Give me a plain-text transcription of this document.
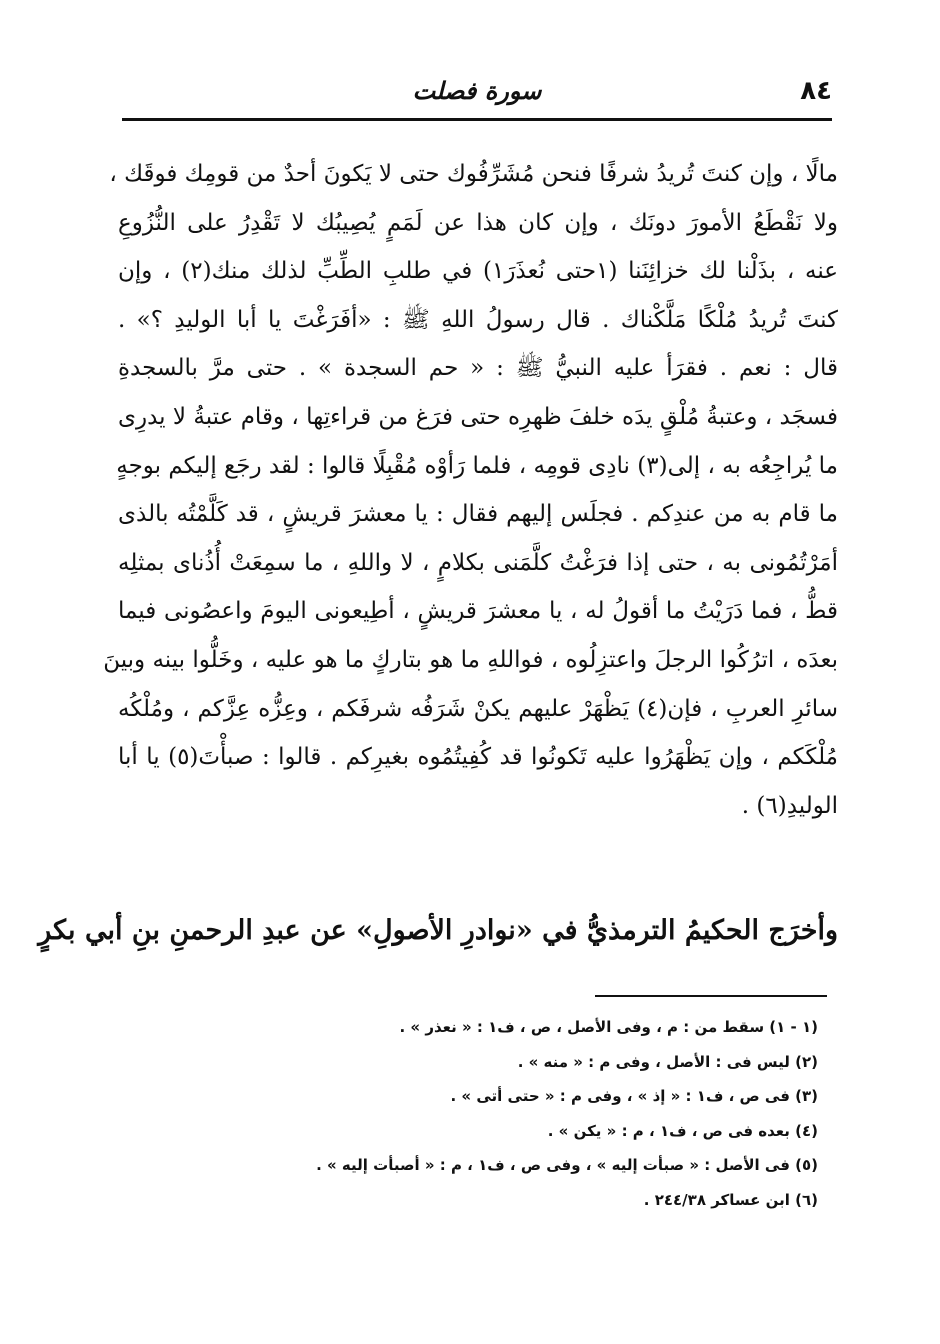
٨٤
سورة فصلت
مالًا ، وإن كنتَ تُريدُ شرفًا فنحن مُشَرِّفُوك حتى لا يَكونَ أحدٌ من قومِك فوقَك ،
ولا نَقْطَعُ الأمورَ دونَك ، وإن كان هذا عن لَمَمٍ يُصِيبُك لا تَقْدِرُ على النُّزُوعِ
عنه ، بذَلْنا لك خزائِنَنا (١حتى نُعذَرَ١) في طلبِ الطِّبِّ لذلك منك(٢) ، وإن
كنتَ تُريدُ مُلْكًا مَلَّكْناك . قال رسولُ اللهِ ﷺ : «أفَرَغْتَ يا أبا الوليدِ ؟» .
قال : نعم . فقرَأ عليه النبيُّ ﷺ : « حم السجدة » . حتى مرَّ بالسجدةِ
فسجَد ، وعتبةُ مُلْقٍ يدَه خلفَ ظهرِه حتى فرَغ من قراءتِها ، وقام عتبةُ لا يدرِى
ما يُراجِعُه به ، إلى(٣) نادِى قومِه ، فلما رَأوْه مُقْبِلًا قالوا : لقد رجَع إليكم بوجهٍ
ما قام به من عندِكم . فجلَس إليهم فقال : يا معشرَ قريشٍ ، قد كَلَّمْتُه بالذى
أمَرْتُمُونى به ، حتى إذا فرَغْتُ كلَّمَنى بكلامٍ ، لا واللهِ ، ما سمِعَتْ أُذُناى بمثلِه
قطُّ ، فما دَرَيْتُ ما أقولُ له ، يا معشرَ قريشٍ ، أطِيعونى اليومَ واعصُونى فيما
بعدَه ، اترُكُوا الرجلَ واعتزِلُوه ، فواللهِ ما هو بتاركٍ ما هو عليه ، وخَلُّوا بينه وبينَ
سائرِ العربِ ، فإن(٤) يَظْهَرْ عليهم يكنْ شَرَفُه شرفَكم ، وعِزُّه عِزَّكم ، ومُلْكُه
مُلْكَكم ، وإن يَظْهَرُوا عليه تَكونُوا قد كُفِيتُمُوه بغيرِكم . قالوا : صبأْتَ(٥) يا أبا
الوليدِ(٦) .
وأخرَج الحكيمُ الترمذيُّ في «نوادرِ الأصولِ» عن عبدِ الرحمنِ بنِ أبي بكرٍ
(١ - ١) سقط من : م ، وفى الأصل ، ص ، ف١ : « نعذر » .
(٢) ليس فى : الأصل ، وفى م : « منه » .
(٣) فى ص ، ف١ : « إذ » ، وفى م : « حتى أتى » .
(٤) بعده فى ص ، ف١ ، م : « يكن » .
(٥) فى الأصل : « صبأت إليه » ، وفى ص ، ف١ ، م : « أصبأت إليه » .
(٦) ابن عساكر ٢٤٤/٣٨ .
